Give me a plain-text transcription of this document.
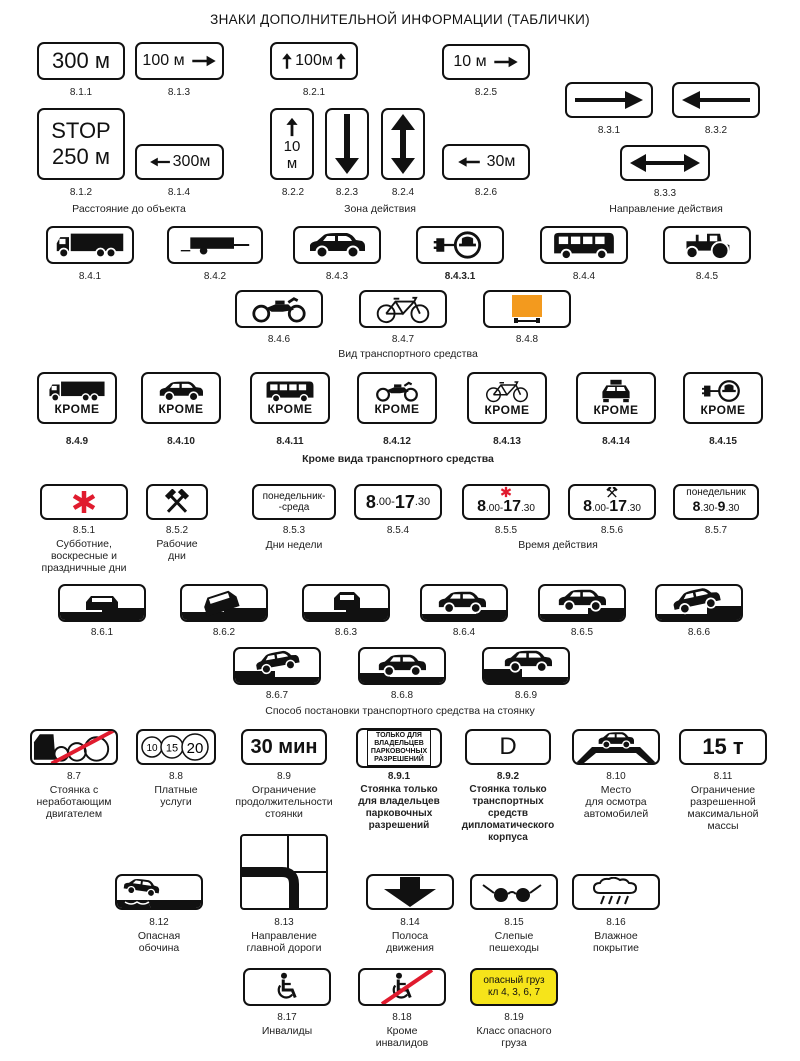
ЗНАКИ ДОПОЛНИТЕЛЬНОЙ ИНФОРМАЦИИ (ТАБЛИЧКИ)
300 м
8.1.1
100 м
8.1.3
100м
8.2.1
10 м
8.2.5
8.3.1	8.3.2
STOP
250 м
8.1.2
300м
8.1.4
10
м
8.2.2	8.2.3	8.2.4
30м
8.2.6	8.3.3
Расстояние до объекта	Зона действия	Направление действия
8.4.1	8.4.2	8.4.3	8.4.3.1	8.4.4	8.4.5
8.4.6	8.4.7	8.4.8
Вид транспортного средства
КРОМЕ
8.4.9
КРОМЕ
8.4.10
КРОМЕ
8.4.11
КРОМЕ
8.4.12
КРОМЕ
8.4.13
КРОМЕ
8.4.14
КРОМЕ
8.4.15
Кроме вида транспортного средства
8.5.1
Субботние,
воскресные и
праздничные дни
8.5.2
Рабочие
дни
понедельник-
-среда
8.5.3
Дни недели
8 .00- 17 .30
8.5.4
8.00-17.30
8.5.5
8.00-17.30
8.5.6
понедельник
8.30-9.30
8.5.7
Время действия
8.6.1	8.6.2	8.6.3	8.6.4	8.6.5	8.6.6
8.6.7	8.6.8	8.6.9
Способ постановки транспортного средства на стоянку
8.7
Стоянка с
неработающим
двигателем
10 15 20
8.8
Платные
услуги
30 мин
8.9
Ограничение
продолжительности
стоянки
ТОЛЬКО ДЛЯ
ВЛАДЕЛЬЦЕВ
ПАРКОВОЧНЫХ
РАЗРЕШЕНИЙ
8.9.1
Стоянка только
для владельцев
парковочных
разрешений
D
8.9.2
Стоянка только
транспортных
средств
дипломатического
корпуса
8.10
Место
для осмотра
автомобилей
15 т
8.11
Ограничение
разрешенной
максимальной
массы
8.12
Опасная
обочина
8.13
Направление
главной дороги
8.14
Полоса
движения
8.15
Слепые
пешеходы
8.16
Влажное
покрытие
8.17
Инвалиды
8.18
Кроме
инвалидов
опасный груз
кл 4, 3, 6, 7
8.19
Класс опасного
груза
